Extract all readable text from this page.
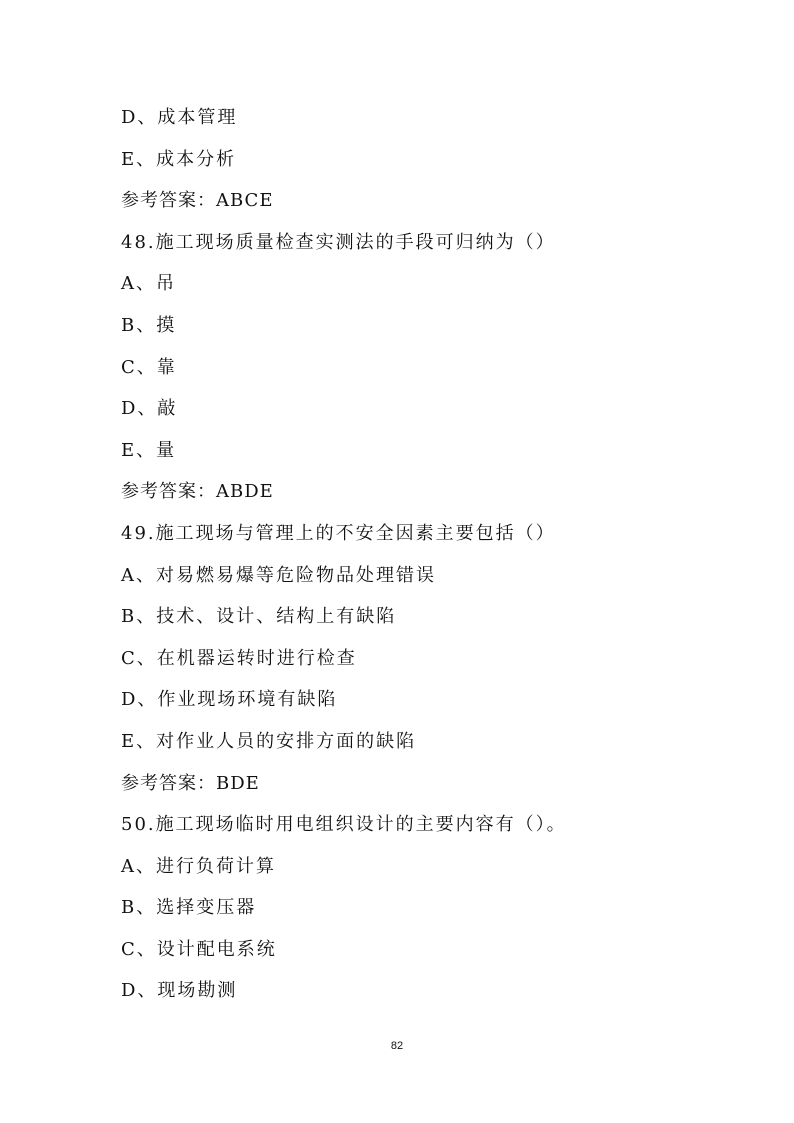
D、成本管理
E、成本分析
参考答案：ABCE
48.施工现场质量检查实测法的手段可归纳为（）
A、吊
B、摸
C、靠
D、敲
E、量
参考答案：ABDE
49.施工现场与管理上的不安全因素主要包括（）
A、对易燃易爆等危险物品处理错误
B、技术、设计、结构上有缺陷
C、在机器运转时进行检查
D、作业现场环境有缺陷
E、对作业人员的安排方面的缺陷
参考答案：BDE
50.施工现场临时用电组织设计的主要内容有（）。
A、进行负荷计算
B、选择变压器
C、设计配电系统
D、现场勘测
82
